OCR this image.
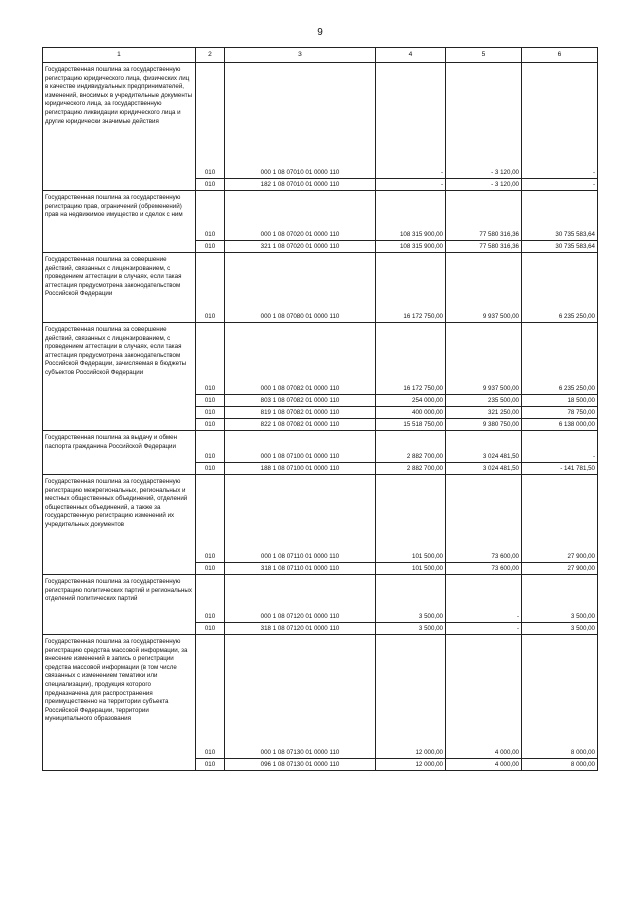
9
1	2	3	4	5	6
Государственная пошлина за государственную регистрацию юридического лица, физических лиц в качестве индивидуальных предпринимателей, изменений, вносимых в учредительные документы юридического лица, за государственную регистрацию ликвидации юридического лица и другие юридически значимые действия	010	000 1 08 07010 01 0000 110	-	- 3 120,00	-
	010	182 1 08 07010 01 0000 110	-	- 3 120,00	-
Государственная пошлина за государственную регистрацию прав, ограничений (обременений) прав на недвижимое имущество и сделок с ним	010	000 1 08 07020 01 0000 110	108 315 900,00	77 580 316,36	30 735 583,64
	010	321 1 08 07020 01 0000 110	108 315 900,00	77 580 316,36	30 735 583,64
Государственная пошлина за совершение действий, связанных с лицензированием, с проведением аттестации в случаях, если такая аттестация предусмотрена законодательством Российской Федерации	010	000 1 08 07080 01 0000 110	16 172 750,00	9 937 500,00	6 235 250,00
Государственная пошлина за совершение действий, связанных с лицензированием, с проведением аттестации в случаях, если такая аттестация предусмотрена законодательством Российской Федерации, зачисляемая в бюджеты субъектов Российской Федерации	010	000 1 08 07082 01 0000 110	16 172 750,00	9 937 500,00	6 235 250,00
	010	803 1 08 07082 01 0000 110	254 000,00	235 500,00	18 500,00
	010	819 1 08 07082 01 0000 110	400 000,00	321 250,00	78 750,00
	010	822 1 08 07082 01 0000 110	15 518 750,00	9 380 750,00	6 138 000,00
Государственная пошлина за выдачу и обмен паспорта гражданина Российской Федерации	010	000 1 08 07100 01 0000 110	2 882 700,00	3 024 481,50	-
	010	188 1 08 07100 01 0000 110	2 882 700,00	3 024 481,50	- 141 781,50
Государственная пошлина за государственную регистрацию межрегиональных, региональных и местных общественных объединений, отделений общественных объединений, а также за государственную регистрацию изменений их учредительных документов	010	000 1 08 07110 01 0000 110	101 500,00	73 600,00	27 900,00
	010	318 1 08 07110 01 0000 110	101 500,00	73 600,00	27 900,00
Государственная пошлина за государственную регистрацию политических партий и региональных отделений политических партий	010	000 1 08 07120 01 0000 110	3 500,00	-	3 500,00
	010	318 1 08 07120 01 0000 110	3 500,00	-	3 500,00
Государственная пошлина за государственную регистрацию средства массовой информации, за внесение изменений в запись о регистрации средства массовой информации (в том числе связанных с изменением тематики или специализации), продукция которого предназначена для распространения преимущественно на территории субъекта Российской Федерации, территории муниципального образования	010	000 1 08 07130 01 0000 110	12 000,00	4 000,00	8 000,00
	010	096 1 08 07130 01 0000 110	12 000,00	4 000,00	8 000,00
